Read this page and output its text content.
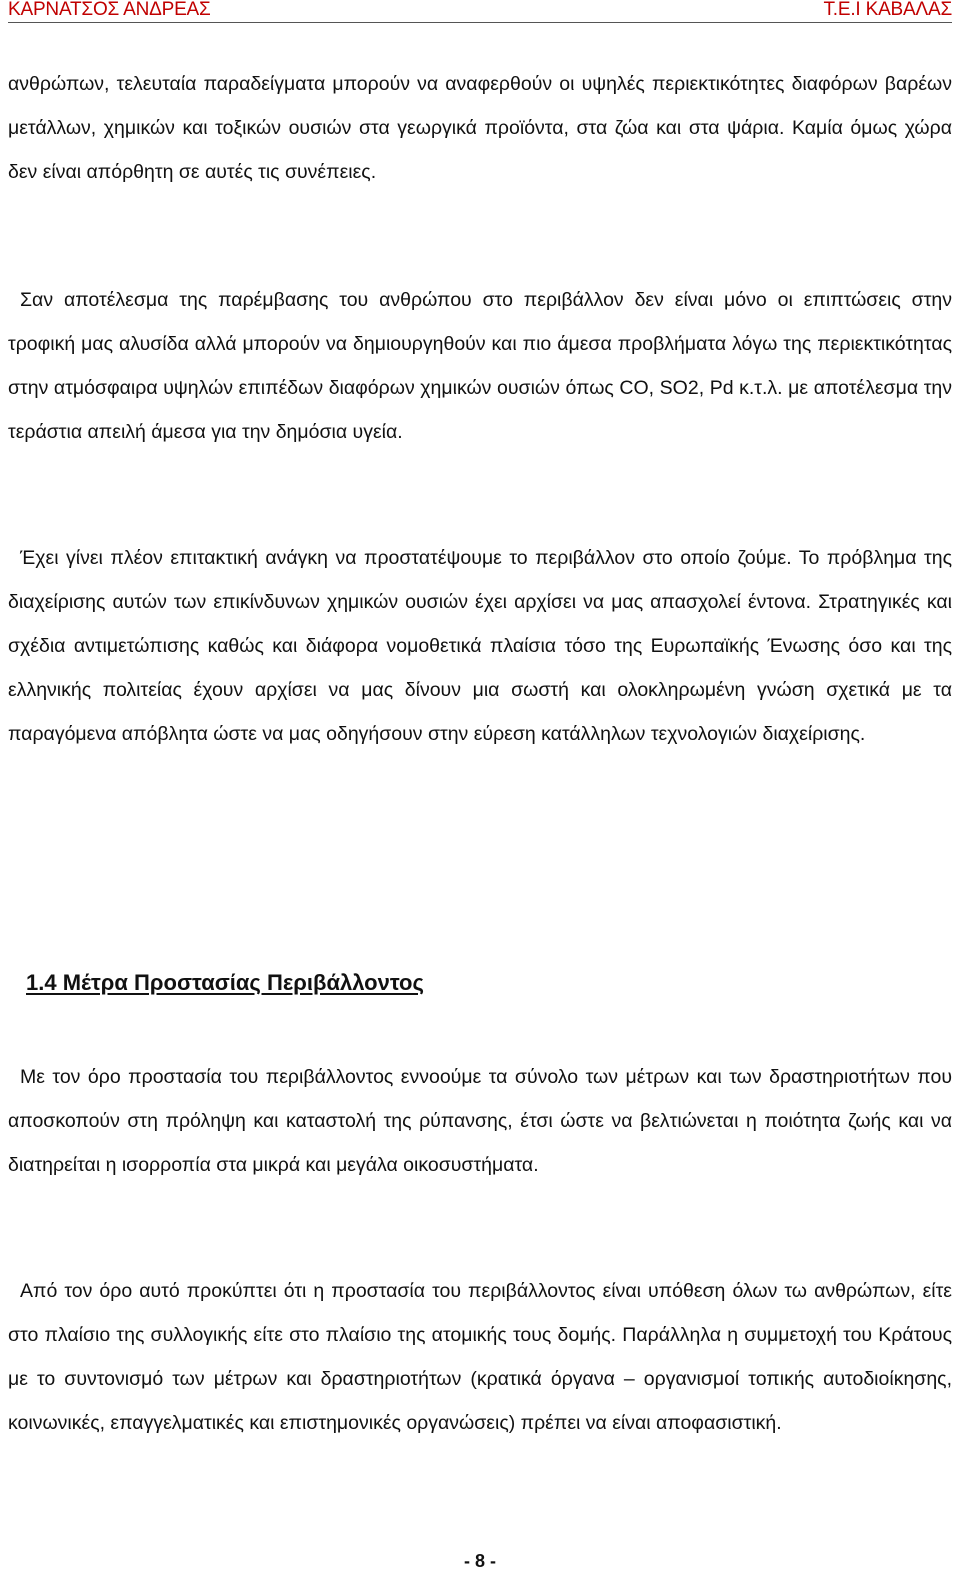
ΚΑΡΝΑΤΣΟΣ ΑΝΔΡΕΑΣ	Τ.Ε.Ι ΚΑΒΑΛΑΣ

ανθρώπων, τελευταία παραδείγματα μπορούν να αναφερθούν οι υψηλές περιεκτικότητες διαφόρων βαρέων μετάλλων, χημικών και τοξικών ουσιών στα γεωργικά προϊόντα, στα ζώα και στα ψάρια. Καμία όμως χώρα δεν είναι απόρθητη σε αυτές τις συνέπειες.

Σαν αποτέλεσμα της παρέμβασης του ανθρώπου στο περιβάλλον δεν είναι μόνο οι επιπτώσεις στην τροφική μας αλυσίδα αλλά μπορούν να δημιουργηθούν και πιο άμεσα προβλήματα λόγω της περιεκτικότητας στην ατμόσφαιρα υψηλών επιπέδων διαφόρων χημικών ουσιών όπως CO, SO2, Pd κ.τ.λ. με αποτέλεσμα την τεράστια απειλή άμεσα για την δημόσια υγεία.

Έχει γίνει πλέον επιτακτική ανάγκη να προστατέψουμε το περιβάλλον στο οποίο ζούμε. Το πρόβλημα της διαχείρισης αυτών των επικίνδυνων χημικών ουσιών έχει αρχίσει να μας απασχολεί έντονα. Στρατηγικές και σχέδια αντιμετώπισης καθώς και διάφορα νομοθετικά πλαίσια τόσο της Ευρωπαϊκής Ένωσης όσο και της ελληνικής πολιτείας έχουν αρχίσει να μας δίνουν μια σωστή και ολοκληρωμένη γνώση σχετικά με τα παραγόμενα απόβλητα ώστε να μας οδηγήσουν στην εύρεση κατάλληλων τεχνολογιών διαχείρισης.

1.4 Μέτρα Προστασίας Περιβάλλοντος

Με τον όρο προστασία του περιβάλλοντος εννοούμε τα σύνολο των μέτρων και των δραστηριοτήτων που αποσκοπούν στη πρόληψη και καταστολή της ρύπανσης, έτσι ώστε να βελτιώνεται η ποιότητα ζωής και να διατηρείται η ισορροπία στα μικρά και μεγάλα οικοσυστήματα.

Από τον όρο αυτό προκύπτει ότι η προστασία του περιβάλλοντος είναι υπόθεση όλων τω ανθρώπων, είτε στο πλαίσιο της συλλογικής είτε στο πλαίσιο της ατομικής τους δομής. Παράλληλα η συμμετοχή του Κράτους με το συντονισμό των μέτρων και δραστηριοτήτων (κρατικά όργανα – οργανισμοί τοπικής αυτοδιοίκησης, κοινωνικές, επαγγελματικές και επιστημονικές οργανώσεις) πρέπει να είναι αποφασιστική.

- 8 -
